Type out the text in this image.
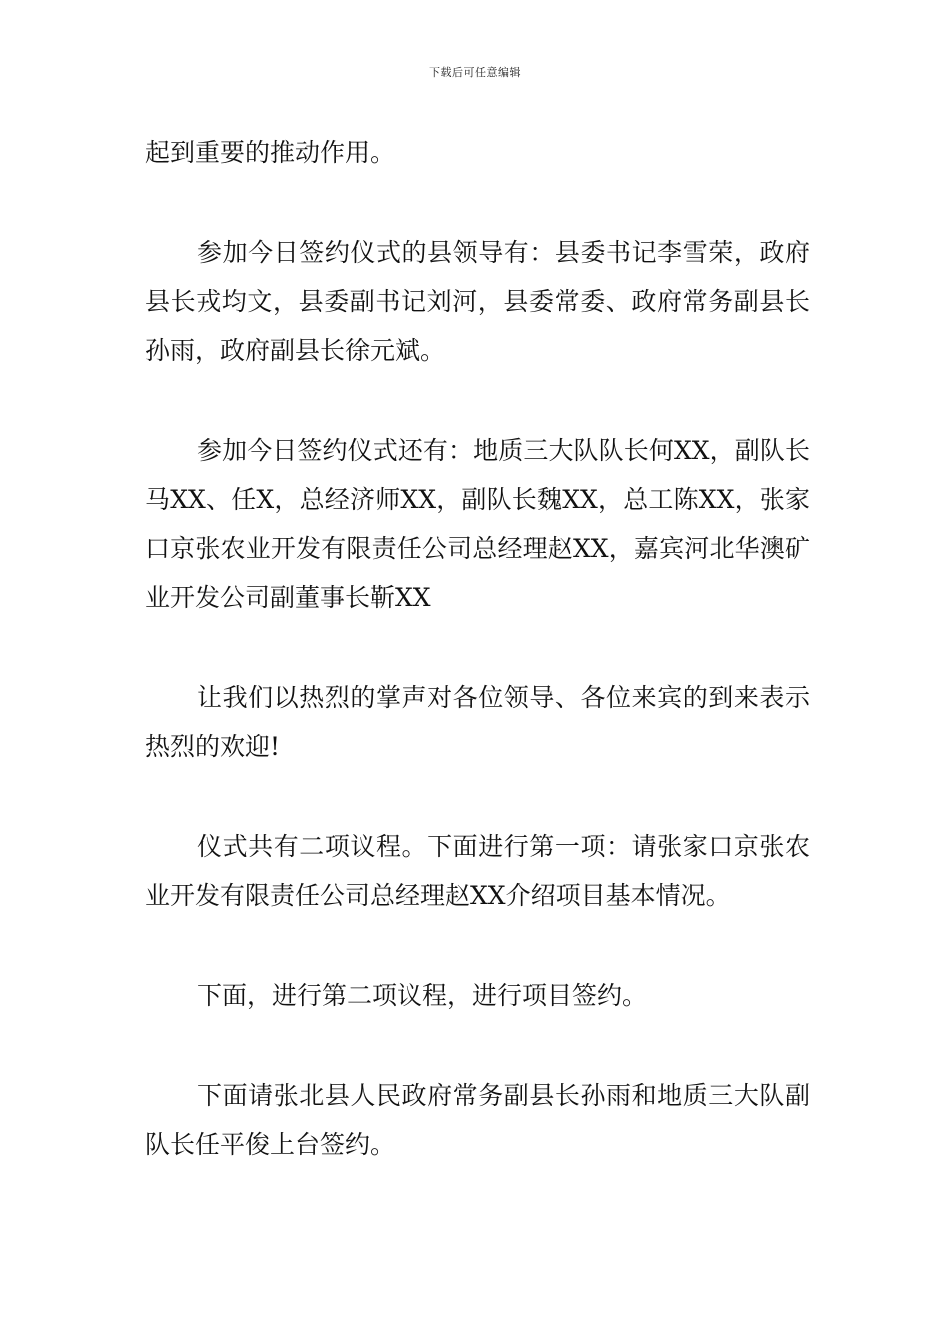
下载后可任意编辑

起到重要的推动作用。

参加今日签约仪式的县领导有：县委书记李雪荣，政府县长戎均文，县委副书记刘河，县委常委、政府常务副县长孙雨，政府副县长徐元斌。

参加今日签约仪式还有：地质三大队队长何XX，副队长马XX、任X，总经济师XX，副队长魏XX，总工陈XX，张家口京张农业开发有限责任公司总经理赵XX，嘉宾河北华澳矿业开发公司副董事长靳XX

让我们以热烈的掌声对各位领导、各位来宾的到来表示热烈的欢迎!

仪式共有二项议程。下面进行第一项：请张家口京张农业开发有限责任公司总经理赵XX介绍项目基本情况。

下面，进行第二项议程，进行项目签约。

下面请张北县人民政府常务副县长孙雨和地质三大队副队长任平俊上台签约。
